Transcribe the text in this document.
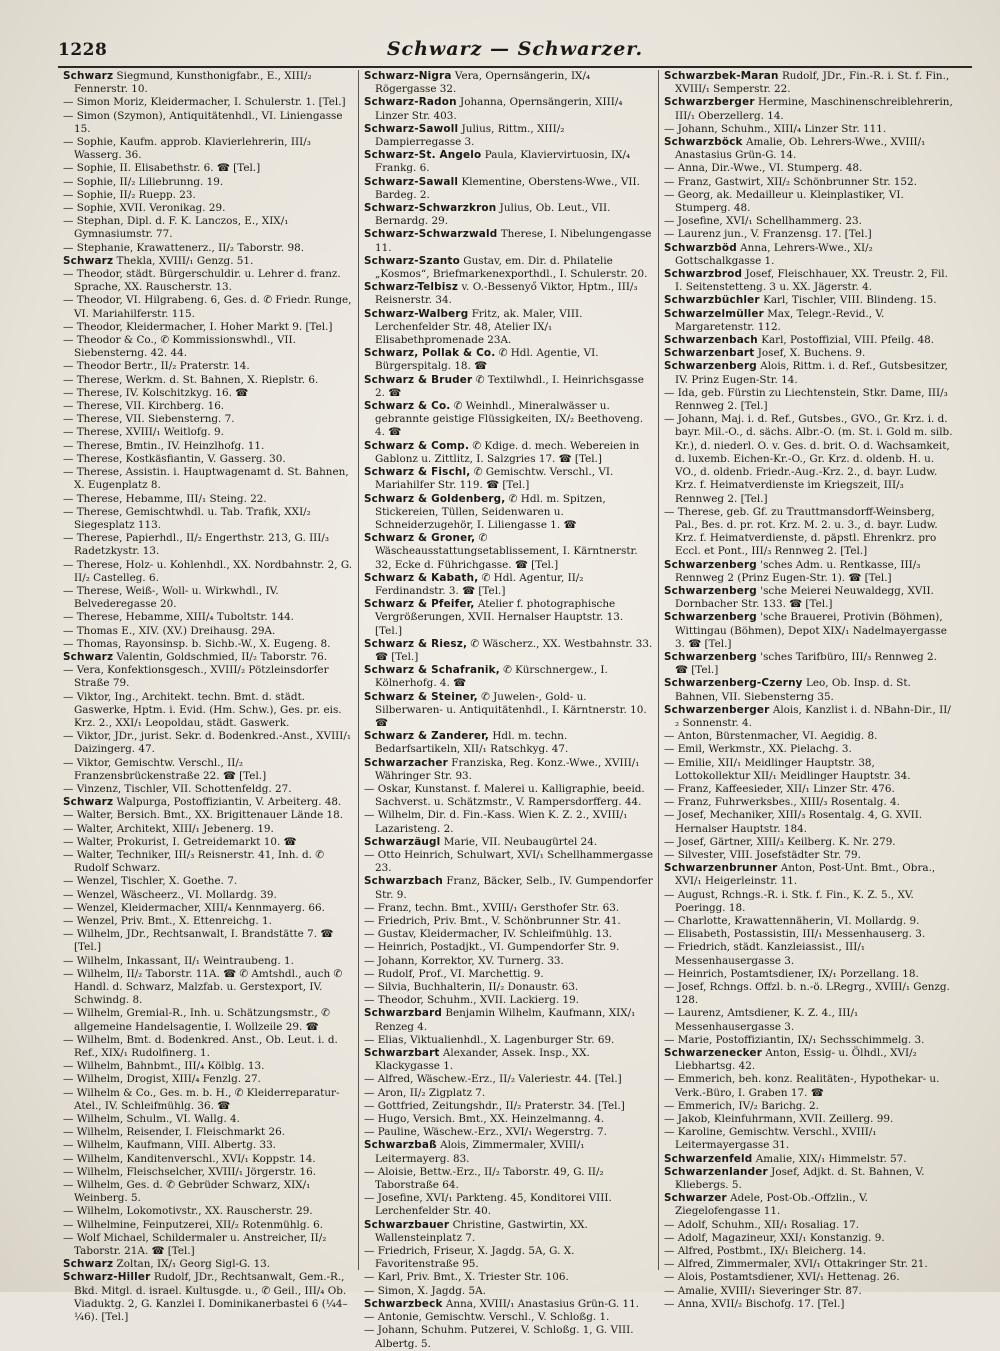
1228	Schwarz — Schwarzer.

Schwarz Siegmund, Kunsthonigfabr., E., XIII/₂ Fennerstr. 10.

— Simon Moriz, Kleidermacher, I. Schulerstr. 1. [Tel.]

— Simon (Szymon), Antiquitätenhdl., VI. Liniengasse 15.

— Sophie, Kaufm. approb. Klavierlehrerin, III/₃ Wasserg. 36.

— Sophie, II. Elisabethstr. 6. ☎ [Tel.]

— Sophie, II/₂ Liliebrunng. 19.

— Sophie, II/₂ Ruepp. 23.

— Sophie, XVII. Veronikag. 29.

— Stephan, Dipl. d. F. K. Lanczos, E., XIX/₁ Gymnasiumstr. 77.

— Stephanie, Krawattenerz., II/₂ Taborstr. 98.

Schwarz Thekla, XVIII/₁ Genzg. 51.

— Theodor, städt. Bürgerschuldir. u. Lehrer d. franz. Sprache, XX. Rauscherstr. 13.

— Theodor, VI. Hilgrabeng. 6, Ges. d. ✆ Friedr. Runge, VI. Mariahilferstr. 115.

— Theodor, Kleidermacher, I. Hoher Markt 9. [Tel.]

— Theodor & Co., ✆ Kommissionswhdl., VII. Siebensterng. 42. 44.

— Theodor Bertr., II/₂ Praterstr. 14.

— Therese, Werkm. d. St. Bahnen, X. Rieplstr. 6.

— Therese, IV. Kolschitzkyg. 16. ☎

— Therese, VII. Kirchberg. 16.

— Therese, VII. Siebensterng. 7.

— Therese, XVIII/₁ Weitlofg. 9.

— Therese, Bmtin., IV. Heinzlhofg. 11.

— Therese, Kostkäsfiantin, V. Gasserg. 30.

— Therese, Assistin. i. Hauptwagenamt d. St. Bahnen, X. Eugenplatz 8.

— Therese, Hebamme, III/₁ Steing. 22.

— Therese, Gemischtwhdl. u. Tab. Trafik, XXI/₂ Siegesplatz 113.

— Therese, Papierhdl., II/₂ Engerthstr. 213, G. III/₃ Radetzkystr. 13.

— Therese, Holz- u. Kohlenhdl., XX. Nordbahnstr. 2, G. II/₂ Castelleg. 6.

— Therese, Weiß-, Woll- u. Wirkwhdl., IV. Belvederegasse 20.

— Therese, Hebamme, XIII/₄ Tuboltstr. 144.

— Thomas E., XIV. (XV.) Dreihausg. 29A.

— Thomas, Rayonsinsp. b. Sichb.-W., X. Eugeng. 8.

Schwarz Valentin, Goldschmied, II/₂ Taborstr. 76.

— Vera, Konfektionsgesch., XVIII/₂ Pötzleinsdorfer Straße 79.

— Viktor, Ing., Architekt. techn. Bmt. d. städt. Gaswerke, Hptm. i. Evid. (Hm. Schw.), Ges. pr. eis. Krz. 2., XXI/₁ Leopoldau, städt. Gaswerk.

— Viktor, JDr., jurist. Sekr. d. Bodenkred.-Anst., XVIII/₁ Daizingerg. 47.

— Viktor, Gemischtw. Verschl., II/₂ Franzensbrückenstraße 22. ☎ [Tel.]

— Vinzenz, Tischler, VII. Schottenfeldg. 27.

Schwarz Walpurga, Postoffiziantin, V. Arbeiterg. 48.

— Walter, Bersich. Bmt., XX. Brigittenauer Lände 18.

— Walter, Architekt, XIII/₁ Jebenerg. 19.

— Walter, Prokurist, I. Getreidemarkt 10. ☎

— Walter, Techniker, III/₃ Reisnerstr. 41, Inh. d. ✆ Rudolf Schwarz.

— Wenzel, Tischler, X. Goethe. 7.

— Wenzel, Wäscheerz., VI. Mollardg. 39.

— Wenzel, Kleidermacher, XIII/₄ Kennmayerg. 66.

— Wenzel, Priv. Bmt., X. Ettenreichg. 1.

— Wilhelm, JDr., Rechtsanwalt, I. Brandstätte 7. ☎ [Tel.]

— Wilhelm, Inkassant, II/₁ Weintraubeng. 1.

— Wilhelm, II/₂ Taborstr. 11A. ☎ ✆ Amtshdl., auch ✆ Handl. d. Schwarz, Malzfab. u. Gerstexport, IV. Schwindg. 8.

— Wilhelm, Gremial-R., Inh. u. Schätzungsmstr., ✆ allgemeine Handelsagentie, I. Wollzeile 29. ☎

— Wilhelm, Bmt. d. Bodenkred. Anst., Ob. Leut. i. d. Ref., XIX/₁ Rudolfinerg. 1.

— Wilhelm, Bahnbmt., III/₄ Kölblg. 13.

— Wilhelm, Drogist, XIII/₄ Fenzlg. 27.

— Wilhelm & Co., Ges. m. b. H., ✆ Kleiderreparatur-Atel., IV. Schleifmühlg. 36. ☎

— Wilhelm, Schulm., VI. Wallg. 4.

— Wilhelm, Reisender, I. Fleischmarkt 26.

— Wilhelm, Kaufmann, VIII. Albertg. 33.

— Wilhelm, Kanditenverschl., XVI/₁ Koppstr. 14.

— Wilhelm, Fleischselcher, XVIII/₁ Jörgerstr. 16.

— Wilhelm, Ges. d. ✆ Gebrüder Schwarz, XIX/₁ Weinberg. 5.

— Wilhelm, Lokomotivstr., XX. Rauscherstr. 29.

— Wilhelmine, Feinputzerei, XII/₂ Rotenmühlg. 6.

— Wolf Michael, Schildermaler u. Anstreicher, II/₂ Taborstr. 21A. ☎ [Tel.]

Schwarz Zoltan, IX/₁ Georg Sigl-G. 13.

Schwarz-Hiller Rudolf, JDr., Rechtsanwalt, Gem.-R., Bkd. Mitgl. d. israel. Kultusgde. u., ✆ Geil., III/₄ Ob. Viaduktg. 2, G. Kanzlei I. Dominikanerbastei 6 (¼4–¼6). [Tel.]

Schwarz-Nigra Vera, Opernsängerin, IX/₄ Rögergasse 32.

Schwarz-Radon Johanna, Opernsängerin, XIII/₄ Linzer Str. 403.

Schwarz-Sawoll Julius, Rittm., XIII/₂ Dampierregasse 3.

Schwarz-St. Angelo Paula, Klaviervirtuosin, IX/₄ Frankg. 6.

Schwarz-Sawall Klementine, Oberstens-Wwe., VII. Bardeg. 2.

Schwarz-Schwarzkron Julius, Ob. Leut., VII. Bernardg. 29.

Schwarz-Schwarzwald Therese, I. Nibelungengasse 11.

Schwarz-Szanto Gustav, em. Dir. d. Philatelie „Kosmos“, Briefmarkenexporthdl., I. Schulerstr. 20.

Schwarz-Telbisz v. O.-Bessenyő Viktor, Hptm., III/₃ Reisnerstr. 34.

Schwarz-Walberg Fritz, ak. Maler, VIII. Lerchenfelder Str. 48, Atelier IX/₁ Elisabethpromenade 23A.

Schwarz, Pollak & Co. ✆ Hdl. Agentie, VI. Bürgerspitalg. 18. ☎

Schwarz & Bruder ✆ Textilwhdl., I. Heinrichsgasse 2. ☎

Schwarz & Co. ✆ Weinhdl., Mineralwässer u. gebrannte geistige Flüssigkeiten, IX/₂ Beethoveng. 4. ☎

Schwarz & Comp. ✆ Kdige. d. mech. Webereien in Gablonz u. Zittlitz, I. Salzgries 17. ☎ [Tel.]

Schwarz & Fischl, ✆ Gemischtw. Verschl., VI. Mariahilfer Str. 119. ☎ [Tel.]

Schwarz & Goldenberg, ✆ Hdl. m. Spitzen, Stickereien, Tüllen, Seidenwaren u. Schneiderzugehör, I. Liliengasse 1. ☎

Schwarz & Groner, ✆ Wäscheausstattungsetablissement, I. Kärntnerstr. 32, Ecke d. Führichgasse. ☎ [Tel.]

Schwarz & Kabath, ✆ Hdl. Agentur, II/₂ Ferdinandstr. 3. ☎ [Tel.]

Schwarz & Pfeifer, Atelier f. photographische Vergrößerungen, XVII. Hernalser Hauptstr. 13. [Tel.]

Schwarz & Riesz, ✆ Wäscherz., XX. Westbahnstr. 33. ☎ [Tel.]

Schwarz & Schafranik, ✆ Kürschnergew., I. Kölnerhofg. 4. ☎

Schwarz & Steiner, ✆ Juwelen-, Gold- u. Silberwaren- u. Antiquitätenhdl., I. Kärntnerstr. 10. ☎

Schwarz & Zanderer, Hdl. m. techn. Bedarfsartikeln, XII/₁ Ratschkyg. 47.

Schwarzacher Franziska, Reg. Konz.-Wwe., XVIII/₁ Währinger Str. 93.

— Oskar, Kunstanst. f. Malerei u. Kalligraphie, beeid. Sachverst. u. Schätzmstr., V. Rampersdorfferg. 44.

— Wilhelm, Dir. d. Fin.-Kass. Wien K. Z. 2., XVIII/₁ Lazaristeng. 2.

Schwarzäugl Marie, VII. Neubaugürtel 24.

— Otto Heinrich, Schulwart, XVI/₁ Schellhammergasse 23.

Schwarzbach Franz, Bäcker, Selb., IV. Gumpendorfer Str. 9.

— Franz, techn. Bmt., XVIII/₁ Gersthofer Str. 63.

— Friedrich, Priv. Bmt., V. Schönbrunner Str. 41.

— Gustav, Kleidermacher, IV. Schleifmühlg. 13.

— Heinrich, Postadjkt., VI. Gumpendorfer Str. 9.

— Johann, Korrektor, XV. Turnerg. 33.

— Rudolf, Prof., VI. Marchettig. 9.

— Silvia, Buchhalterin, II/₂ Donaustr. 63.

— Theodor, Schuhm., XVII. Lackierg. 19.

Schwarzbard Benjamin Wilhelm, Kaufmann, XIX/₁ Renzeg 4.

— Elias, Viktualienhdl., X. Lagenburger Str. 69.

Schwarzbart Alexander, Assek. Insp., XX. Klackygasse 1.

— Alfred, Wäschew.-Erz., II/₂ Valeriestr. 44. [Tel.]

— Aron, II/₂ Zigplatz 7.

— Gottfried, Zeitungshdr., II/₂ Praterstr. 34. [Tel.]

— Hugo, Versich. Bmt., XX. Heinzelmanng. 4.

— Pauline, Wäschew.-Erz., XVI/₁ Wegerstrg. 7.

Schwarzbaß Alois, Zimmermaler, XVIII/₁ Leitermayerg. 83.

— Aloisie, Bettw.-Erz., II/₂ Taborstr. 49, G. II/₂ Taborstraße 64.

— Josefine, XVI/₁ Parkteng. 45, Konditorei VIII. Lerchenfelder Str. 40.

Schwarzbauer Christine, Gastwirtin, XX. Wallensteinplatz 7.

— Friedrich, Friseur, X. Jagdg. 5A, G. X. Favoritenstraße 95.

— Karl, Priv. Bmt., X. Triester Str. 106.

— Simon, X. Jagdg. 5A.

Schwarzbeck Anna, XVIII/₁ Anastasius Grün-G. 11.

— Antonie, Gemischtw. Verschl., V. Schloßg. 1.

— Johann, Schuhm. Putzerei, V. Schloßg. 1, G. VIII. Albertg. 5.

Schwarzbek-Maran Rudolf, JDr., Fin.-R. i. St. f. Fin., XVIII/₁ Semperstr. 22.

Schwarzberger Hermine, Maschinenschreiblehrerin, III/₁ Oberzellerg. 14.

— Johann, Schuhm., XIII/₄ Linzer Str. 111.

Schwarzböck Amalie, Ob. Lehrers-Wwe., XVIII/₁ Anastasius Grün-G. 14.

— Anna, Dir.-Wwe., VI. Stumperg. 48.

— Franz, Gastwirt, XII/₂ Schönbrunner Str. 152.

— Georg, ak. Medailleur u. Kleinplastiker, VI. Stumperg. 48.

— Josefine, XVI/₁ Schellhammerg. 23.

— Laurenz jun., V. Franzensg. 17. [Tel.]

Schwarzböd Anna, Lehrers-Wwe., XI/₂ Gottschalkgasse 1.

Schwarzbrod Josef, Fleischhauer, XX. Treustr. 2, Fil. I. Seitenstetteng. 3 u. XX. Jägerstr. 4.

Schwarzbüchler Karl, Tischler, VIII. Blindeng. 15.

Schwarzelmüller Max, Telegr.-Revid., V. Margaretenstr. 112.

Schwarzenbach Karl, Postoffizial, VIII. Pfeilg. 48.

Schwarzenbart Josef, X. Buchens. 9.

Schwarzenberg Alois, Rittm. i. d. Ref., Gutsbesitzer, IV. Prinz Eugen-Str. 14.

— Ida, geb. Fürstin zu Liechtenstein, Stkr. Dame, III/₃ Rennweg 2. [Tel.]

— Johann, Maj. i. d. Ref., Gutsbes., GVO., Gr. Krz. i. d. bayr. Mil.-O., d. sächs. Albr.-O. (m. St. i. Gold m. silb. Kr.), d. niederl. O. v. Ges. d. brit. O. d. Wachsamkeit, d. luxemb. Eichen-Kr.-O., Gr. Krz. d. oldenb. H. u. VO., d. oldenb. Friedr.-Aug.-Krz. 2., d. bayr. Ludw. Krz. f. Heimatverdienste im Kriegszeit, III/₃ Rennweg 2. [Tel.]

— Therese, geb. Gf. zu Trauttmansdorff-Weinsberg, Pal., Bes. d. pr. rot. Krz. M. 2. u. 3., d. bayr. Ludw. Krz. f. Heimatverdienste, d. päpstl. Ehrenkrz. pro Eccl. et Pont., III/₃ Rennweg 2. [Tel.]

Schwarzenberg 'sches Adm. u. Rentkasse, III/₃ Rennweg 2 (Prinz Eugen-Str. 1). ☎ [Tel.]

Schwarzenberg 'sche Meierei Neuwaldegg, XVII. Dornbacher Str. 133. ☎ [Tel.]

Schwarzenberg 'sche Brauerei, Protivin (Böhmen), Wittingau (Böhmen), Depot XIX/₁ Nadelmayergasse 3. ☎ [Tel.]

Schwarzenberg 'sches Tarifbüro, III/₃ Rennweg 2. ☎ [Tel.]

Schwarzenberg-Czerny Leo, Ob. Insp. d. St. Bahnen, VII. Siebensterng 35.

Schwarzenberger Alois, Kanzlist i. d. NBahn-Dir., II/₂ Sonnenstr. 4.

— Anton, Bürstenmacher, VI. Aegidig. 8.

— Emil, Werkmstr., XX. Pielachg. 3.

— Emilie, XII/₁ Meidlinger Hauptstr. 38, Lottokollektur XII/₁ Meidlinger Hauptstr. 34.

— Franz, Kaffeesieder, XII/₁ Linzer Str. 476.

— Franz, Fuhrwerksbes., XIII/₃ Rosentalg. 4.

— Josef, Mechaniker, XIII/₃ Rosentalg. 4, G. XVII. Hernalser Hauptstr. 184.

— Josef, Gärtner, XIII/₃ Keilberg. K. Nr. 279.

— Silvester, VIII. Josefstädter Str. 79.

Schwarzenbrunner Anton, Post-Unt. Bmt., Obra., XVI/₁ Heigerleinstr. 11.

— August, Rchngs.-R. i. Stk. f. Fin., K. Z. 5., XV. Poeringg. 18.

— Charlotte, Krawattennäherin, VI. Mollardg. 9.

— Elisabeth, Postassistin, III/₁ Messenhauserg. 3.

— Friedrich, städt. Kanzleiassist., III/₁ Messenhausergasse 3.

— Heinrich, Postamtsdiener, IX/₁ Porzellang. 18.

— Josef, Rchngs. Offzl. b. n.-ö. LRegrg., XVIII/₁ Genzg. 128.

— Laurenz, Amtsdiener, K. Z. 4., III/₁ Messenhausergasse 3.

— Marie, Postoffiziantin, IX/₁ Sechsschimmelg. 3.

Schwarzenecker Anton, Essig- u. Ölhdl., XVI/₂ Liebhartsg. 42.

— Emmerich, beh. konz. Realitäten-, Hypothekar- u. Verk.-Büro, I. Graben 17. ☎

— Emmerich, IV/₂ Barichg. 2.

— Jakob, Kleinfuhrmann, XVII. Zeillerg. 99.

— Karoline, Gemischtw. Verschl., XVIII/₁ Leitermayergasse 31.

Schwarzenfeld Amalie, XIX/₁ Himmelstr. 57.

Schwarzenlander Josef, Adjkt. d. St. Bahnen, V. Kliebergs. 5.

Schwarzer Adele, Post-Ob.-Offzlin., V. Ziegelofengasse 11.

— Adolf, Schuhm., XII/₁ Rosaliag. 17.

— Adolf, Magazineur, XXI/₁ Konstanzig. 9.

— Alfred, Postbmt., IX/₁ Bleicherg. 14.

— Alfred, Zimmermaler, XVI/₁ Ottakringer Str. 21.

— Alois, Postamtsdiener, XVI/₁ Hettenag. 26.

— Amalie, XVIII/₁ Sieveringer Str. 87.

— Anna, XVII/₂ Bischofg. 17. [Tel.]
